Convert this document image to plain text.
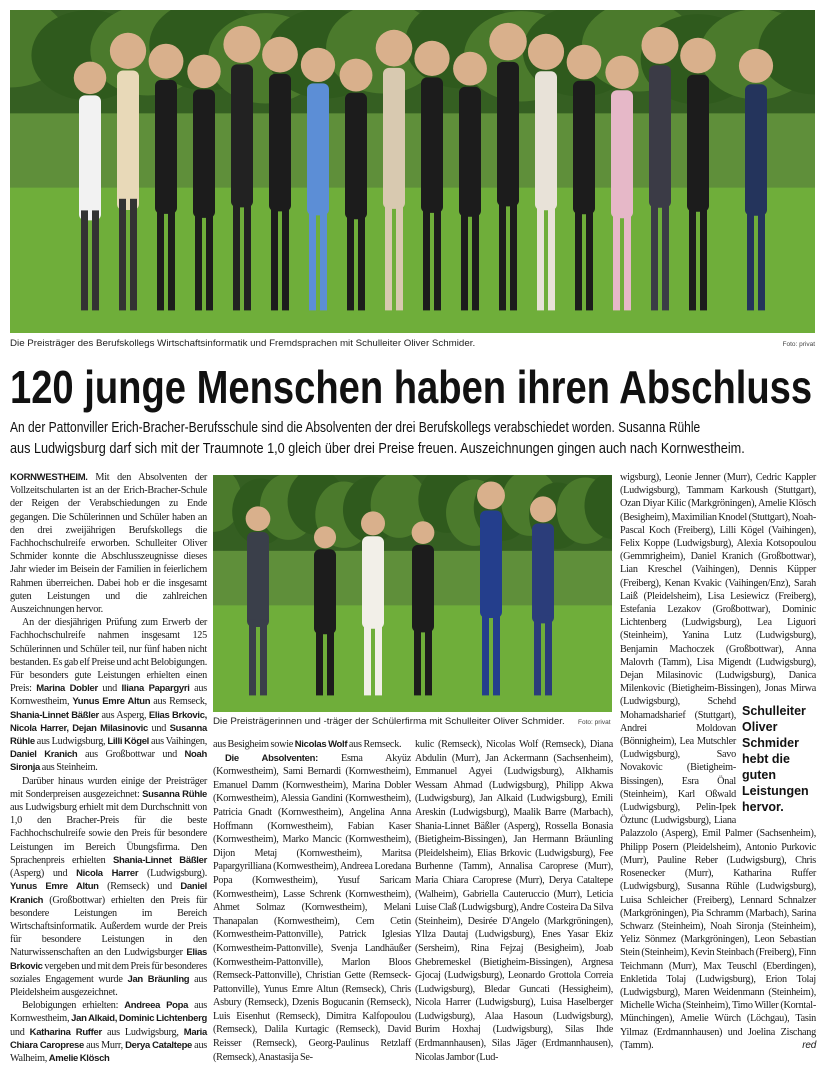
Die Preisträger des Berufskollegs Wirtschaftsinformatik und Fremdsprachen mit Schulleiter Oliver Schmider.	Foto: privat
120 junge Menschen haben ihren Abschluss
An der Pattonviller Erich-Bracher-Berufsschule sind die Absolventen der drei Berufskollegs verabschiedet worden. Susanna Rühle
aus Ludwigsburg darf sich mit der Traumnote 1,0 gleich über drei Preise freuen. Auszeichnungen gingen auch nach Kornwestheim.

KORNWESTHEIM. Mit den Absolventen der Vollzeitschularten ist an der Erich-Bracher-Schule der Reigen der Verabschiedungen zu Ende gegangen. Die Schülerinnen und Schüler haben an den drei zweijährigen Berufskollegs die Fachhochschulreife erworben. Schulleiter Oliver Schmider konnte die Abschlusszeugnisse dieses Jahr wieder im Beisein der Familien in feierlichem Rahmen überreichen. Dabei hob er die insgesamt guten Leistungen und die zahlreichen Auszeichnungen hervor.

An der diesjährigen Prüfung zum Erwerb der Fachhochschulreife nahmen insgesamt 125 Schülerinnen und Schüler teil, nur fünf haben nicht bestanden. Es gab elf Preise und acht Belobigungen. Für besonders gute Leistungen erhielten einen Preis: Marina Dobler und Iliana Papargyri aus Kornwestheim, Yunus Emre Altun aus Remseck, Shania-Linnet Bäßler aus Asperg, Elias Brkovic, Nicola Harrer, Dejan Milasinovic und Susanna Rühle aus Ludwigsburg, Lilli Kögel aus Vaihingen, Daniel Kranich aus Großbottwar und Noah Sironja aus Steinheim.

Darüber hinaus wurden einige der Preisträger mit Sonderpreisen ausgezeichnet: Susanna Rühle aus Ludwigsburg erhielt mit dem Durchschnitt von 1,0 den Bracher-Preis für die beste Fachhochschulreife sowie den Preis für besondere Leistungen im Bereich Übungsfirma. Den Sprachenpreis erhielten Shania-Linnet Bäßler (Asperg) und Nicola Harrer (Ludwigsburg). Yunus Emre Altun (Remseck) und Daniel Kranich (Großbottwar) erhielten den Preis für besondere Leistungen im Bereich Wirtschaftsinformatik. Außerdem wurde der Preis für besondere Leistungen in den Naturwissenschaften an den Ludwigsburger Elias Brkovic vergeben und mit dem Preis für besonderes soziales Engagement wurde Jan Bräunling aus Pleidelsheim ausgezeichnet.

Belobigungen erhielten: Andreea Popa aus Kornwestheim, Jan Alkaid, Dominic Lichtenberg und Katharina Ruffer aus Ludwigsburg, Maria Chiara Caroprese aus Murr, Derya Cataltepe aus Walheim, Amelie Klösch

Die Preisträgerinnen und -träger der Schülerfirma mit Schulleiter Oliver Schmider. Foto: privat

aus Besigheim sowie Nicolas Wolf aus Remseck.

Die Absolventen: Esma Akyüz (Kornwestheim), Sami Bernardi (Kornwestheim), Emanuel Damm (Kornwestheim), Marina Dobler (Kornwestheim), Alessia Gandini (Kornwestheim), Patricia Gnadt (Kornwestheim), Angelina Anna Hoffmann (Kornwestheim), Fabian Kaser (Kornwestheim), Marko Mancic (Kornwestheim), Dijon Metaj (Kornwestheim), Maritsa Papargyrilliana (Kornwestheim), Andreea Loredana Popa (Kornwestheim), Yusuf Saricam (Kornwestheim), Lasse Schrenk (Kornwestheim), Ahmet Solmaz (Kornwestheim), Melani Thanapalan (Kornwestheim), Cem Cetin (Kornwestheim-Pattonville), Patrick Iglesias (Kornwestheim-Pattonville), Svenja Landhäußer (Kornwestheim-Pattonville), Marlon Bloos (Remseck-Pattonville), Christian Gette (Remseck-Pattonville), Yunus Emre Altun (Remseck), Chris Asbury (Remseck), Dzenis Bogucanin (Remseck), Luis Eisenhut (Remseck), Dimitra Kalfopoulou (Remseck), Dalila Kurtagic (Remseck), David Reisser (Remseck), Georg-Paulinus Retzlaff (Remseck), Anastasija Se-

kulic (Remseck), Nicolas Wolf (Remseck), Diana Abdulin (Murr), Jan Ackermann (Sachsenheim), Emmanuel Agyei (Ludwigsburg), Alkhamis Wessam Ahmad (Ludwigsburg), Philipp Akwa (Ludwigsburg), Jan Alkaid (Ludwigsburg), Emili Areskin (Ludwigsburg), Maalik Barre (Marbach), Shania-Linnet Bäßler (Asperg), Rossella Bonasia (Bietigheim-Bissingen), Jan Hermann Bräunling (Pleidelsheim), Elias Brkovic (Ludwigsburg), Fee Burhenne (Tamm), Annalisa Caroprese (Murr), Maria Chiara Caroprese (Murr), Derya Cataltepe (Walheim), Gabriella Cauteruccio (Murr), Leticia Luise Claß (Ludwigsburg), Andre Costeira Da Silva (Steinheim), Desirée D'Angelo (Markgröningen), Yllza Dautaj (Ludwigsburg), Enes Yasar Ekiz (Sersheim), Rina Fejzaj (Besigheim), Joab Ghebremeskel (Bietigheim-Bissingen), Argnesa Gjocaj (Ludwigsburg), Leonardo Grottola Correia (Ludwigsburg), Bledar Guncati (Hessigheim), Nicola Harrer (Ludwigsburg), Luisa Haselberger (Ludwigsburg), Alaa Hasoun (Ludwigsburg), Burim Hoxhaj (Ludwigsburg), Silas Ihde (Erdmannhausen), Silas Jäger (Erdmannhausen), Nicolas Jambor (Lud-

Schulleiter Oliver Schmider hebt die guten Leistungen hervor.

wigsburg), Leonie Jenner (Murr), Cedric Kappler (Ludwigsburg), Tammam Karkoush (Stuttgart), Ozan Diyar Kilic (Markgröningen), Amelie Klösch (Besigheim), Maximilian Knodel (Stuttgart), Noah-Pascal Koch (Freiberg), Lilli Kögel (Vaihingen), Felix Koppe (Ludwigsburg), Alexia Kotsopoulou (Gemmrigheim), Daniel Kranich (Großbottwar), Lian Kreschel (Vaihingen), Dennis Küpper (Freiberg), Kenan Kvakic (Vaihingen/Enz), Sarah Laiß (Pleidelsheim), Lisa Lesiewicz (Freiberg), Estefania Lezakov (Großbottwar), Dominic Lichtenberg (Ludwigsburg), Lea Liguori (Steinheim), Yanina Lutz (Ludwigsburg), Benjamin Machoczek (Großbottwar), Anna Malovrh (Tamm), Lisa Migendt (Ludwigsburg), Dejan Milasinovic (Ludwigsburg), Danica Milenkovic (Bietigheim-Bissingen), Jonas Mirwa (Ludwigsburg), Schehd Mohamadsharief (Stuttgart), Andrei Moldovan (Bönnigheim), Lea Mutschler (Ludwigsburg), Savo Novakovic (Bietigheim-Bissingen), Esra Önal (Steinheim), Karl Oßwald (Ludwigsburg), Pelin-Ipek Öztunc (Ludwigsburg), Liana Palazzolo (Asperg), Emil Palmer (Sachsenheim), Philipp Posern (Pleidelsheim), Antonio Purkovic (Murr), Pauline Reber (Ludwigsburg), Chris Rosenecker (Murr), Katharina Ruffer (Ludwigsburg), Susanna Rühle (Ludwigsburg), Luisa Schleicher (Freiberg), Lennard Schnalzer (Markgröningen), Pia Schramm (Marbach), Sarina Schwarz (Steinheim), Noah Sironja (Steinheim), Yeliz Sönmez (Markgröningen), Leon Sebastian Stein (Steinheim), Kevin Steinbach (Freiberg), Finn Teichmann (Murr), Max Teuschl (Eberdingen), Enkletida Tolaj (Ludwigsburg), Erion Tolaj (Ludwigsburg), Maren Weidenmann (Steinheim), Michelle Wicha (Steinheim), Timo Willer (Korntal-Münchingen), Amelie Würch (Löchgau), Tasin Yilmaz (Erdmannhausen) und Joelina Zischang (Tamm).	red
